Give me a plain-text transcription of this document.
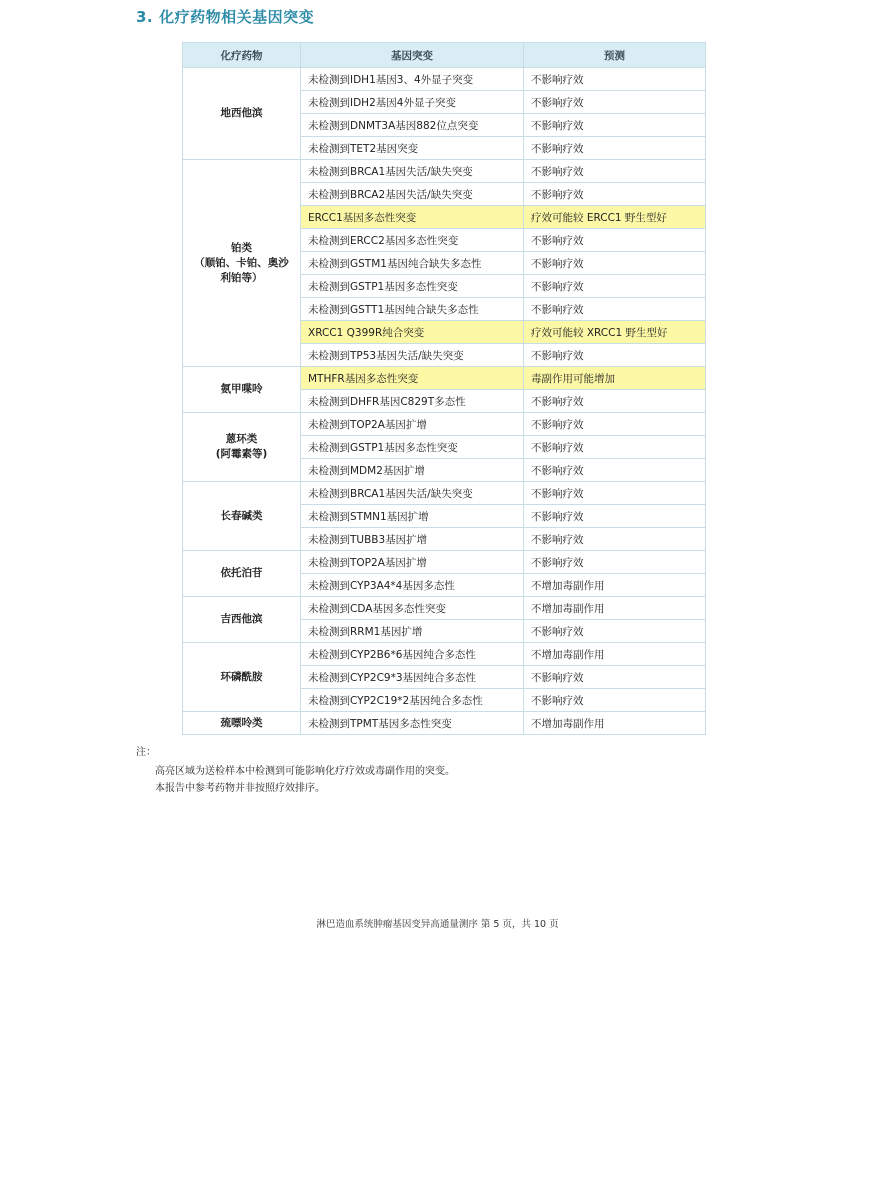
3. 化疗药物相关基因突变
化疗药物	基因突变	预测

地西他滨	未检测到IDH1基因3、4外显子突变	不影响疗效
	未检测到IDH2基因4外显子突变	不影响疗效
	未检测到DNMT3A基因882位点突变	不影响疗效
	未检测到TET2基因突变	不影响疗效

铂类
（顺铂、卡铂、奥沙
利铂等）	未检测到BRCA1基因失活/缺失突变	不影响疗效
	未检测到BRCA2基因失活/缺失突变	不影响疗效
	ERCC1基因多态性突变	疗效可能较 ERCC1 野生型好
	未检测到ERCC2基因多态性突变	不影响疗效
	未检测到GSTM1基因纯合缺失多态性	不影响疗效
	未检测到GSTP1基因多态性突变	不影响疗效
	未检测到GSTT1基因纯合缺失多态性	不影响疗效
	XRCC1 Q399R纯合突变	疗效可能较 XRCC1 野生型好
	未检测到TP53基因失活/缺失突变	不影响疗效

氨甲喋呤	MTHFR基因多态性突变	毒副作用可能增加
	未检测到DHFR基因C829T多态性	不影响疗效

蒽环类
(阿霉素等)	未检测到TOP2A基因扩增	不影响疗效
	未检测到GSTP1基因多态性突变	不影响疗效
	未检测到MDM2基因扩增	不影响疗效

长春碱类	未检测到BRCA1基因失活/缺失突变	不影响疗效
	未检测到STMN1基因扩增	不影响疗效
	未检测到TUBB3基因扩增	不影响疗效

依托泊苷	未检测到TOP2A基因扩增	不影响疗效
	未检测到CYP3A4*4基因多态性	不增加毒副作用

吉西他滨	未检测到CDA基因多态性突变	不增加毒副作用
	未检测到RRM1基因扩增	不影响疗效

环磷酰胺	未检测到CYP2B6*6基因纯合多态性	不增加毒副作用
	未检测到CYP2C9*3基因纯合多态性	不影响疗效
	未检测到CYP2C19*2基因纯合多态性	不影响疗效

巯嘌呤类	未检测到TPMT基因多态性突变	不增加毒副作用
注：
高亮区域为送检样本中检测到可能影响化疗疗效或毒副作用的突变。
本报告中参考药物并非按照疗效排序。
淋巴造血系统肿瘤基因变异高通量测序 第 5 页，共 10 页
